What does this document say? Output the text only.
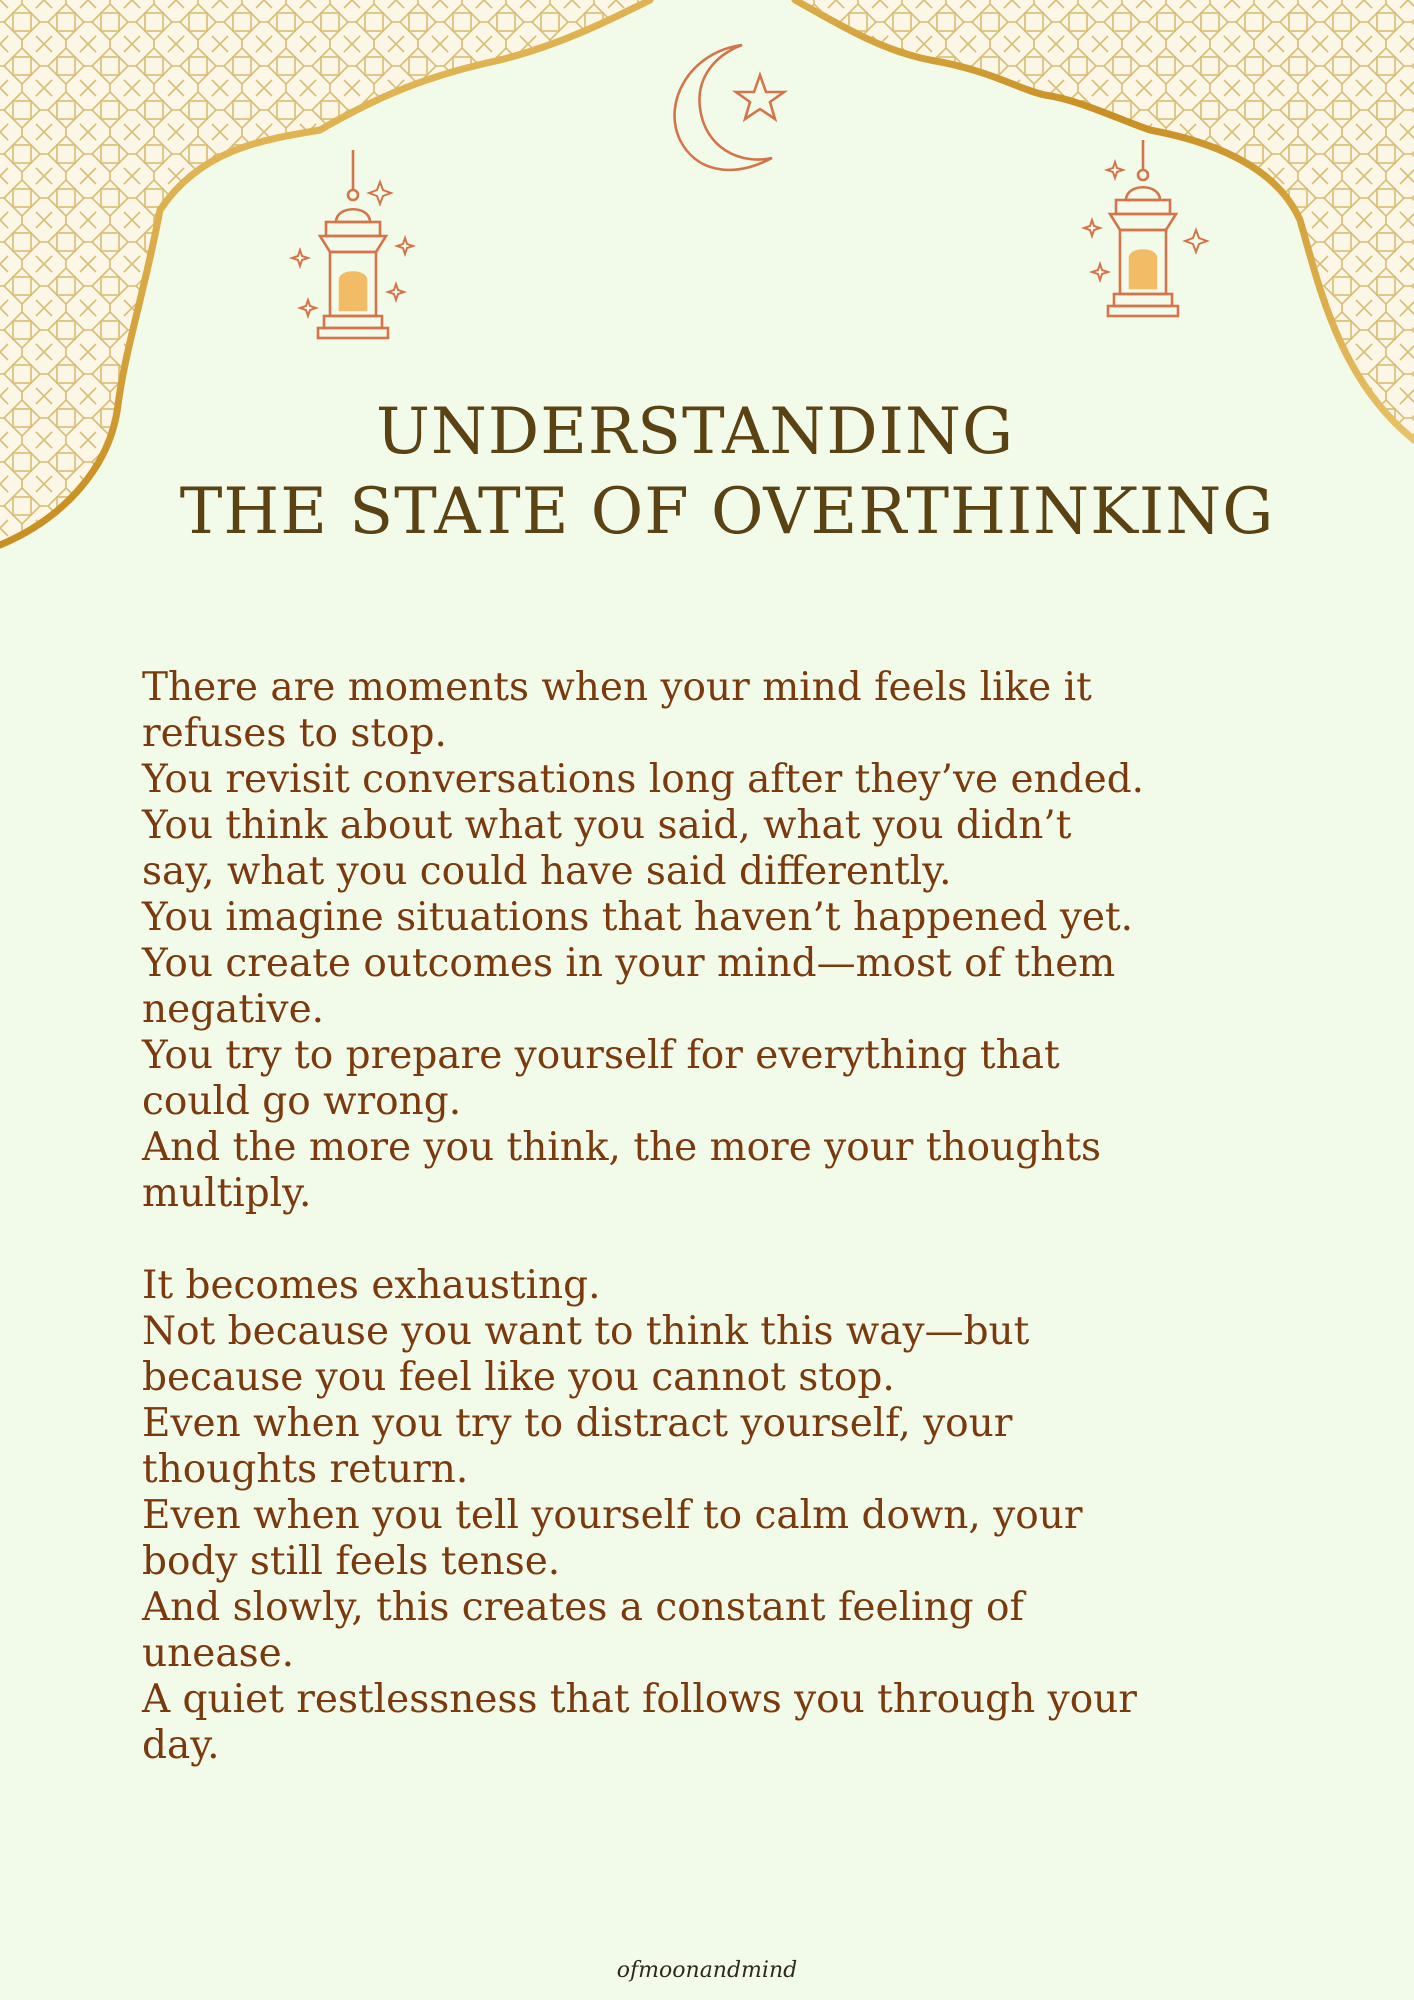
UNDERSTANDING
THE STATE OF OVERTHINKING

There are moments when your mind feels like it

refuses to stop.

You revisit conversations long after they’ve ended.

You think about what you said, what you didn’t

say, what you could have said differently.

You imagine situations that haven’t happened yet.

You create outcomes in your mind—most of them

negative.

You try to prepare yourself for everything that

could go wrong.

And the more you think, the more your thoughts

multiply.

It becomes exhausting.

Not because you want to think this way—but

because you feel like you cannot stop.

Even when you try to distract yourself, your

thoughts return.

Even when you tell yourself to calm down, your

body still feels tense.

And slowly, this creates a constant feeling of

unease.

A quiet restlessness that follows you through your

day.

ofmoonandmind
